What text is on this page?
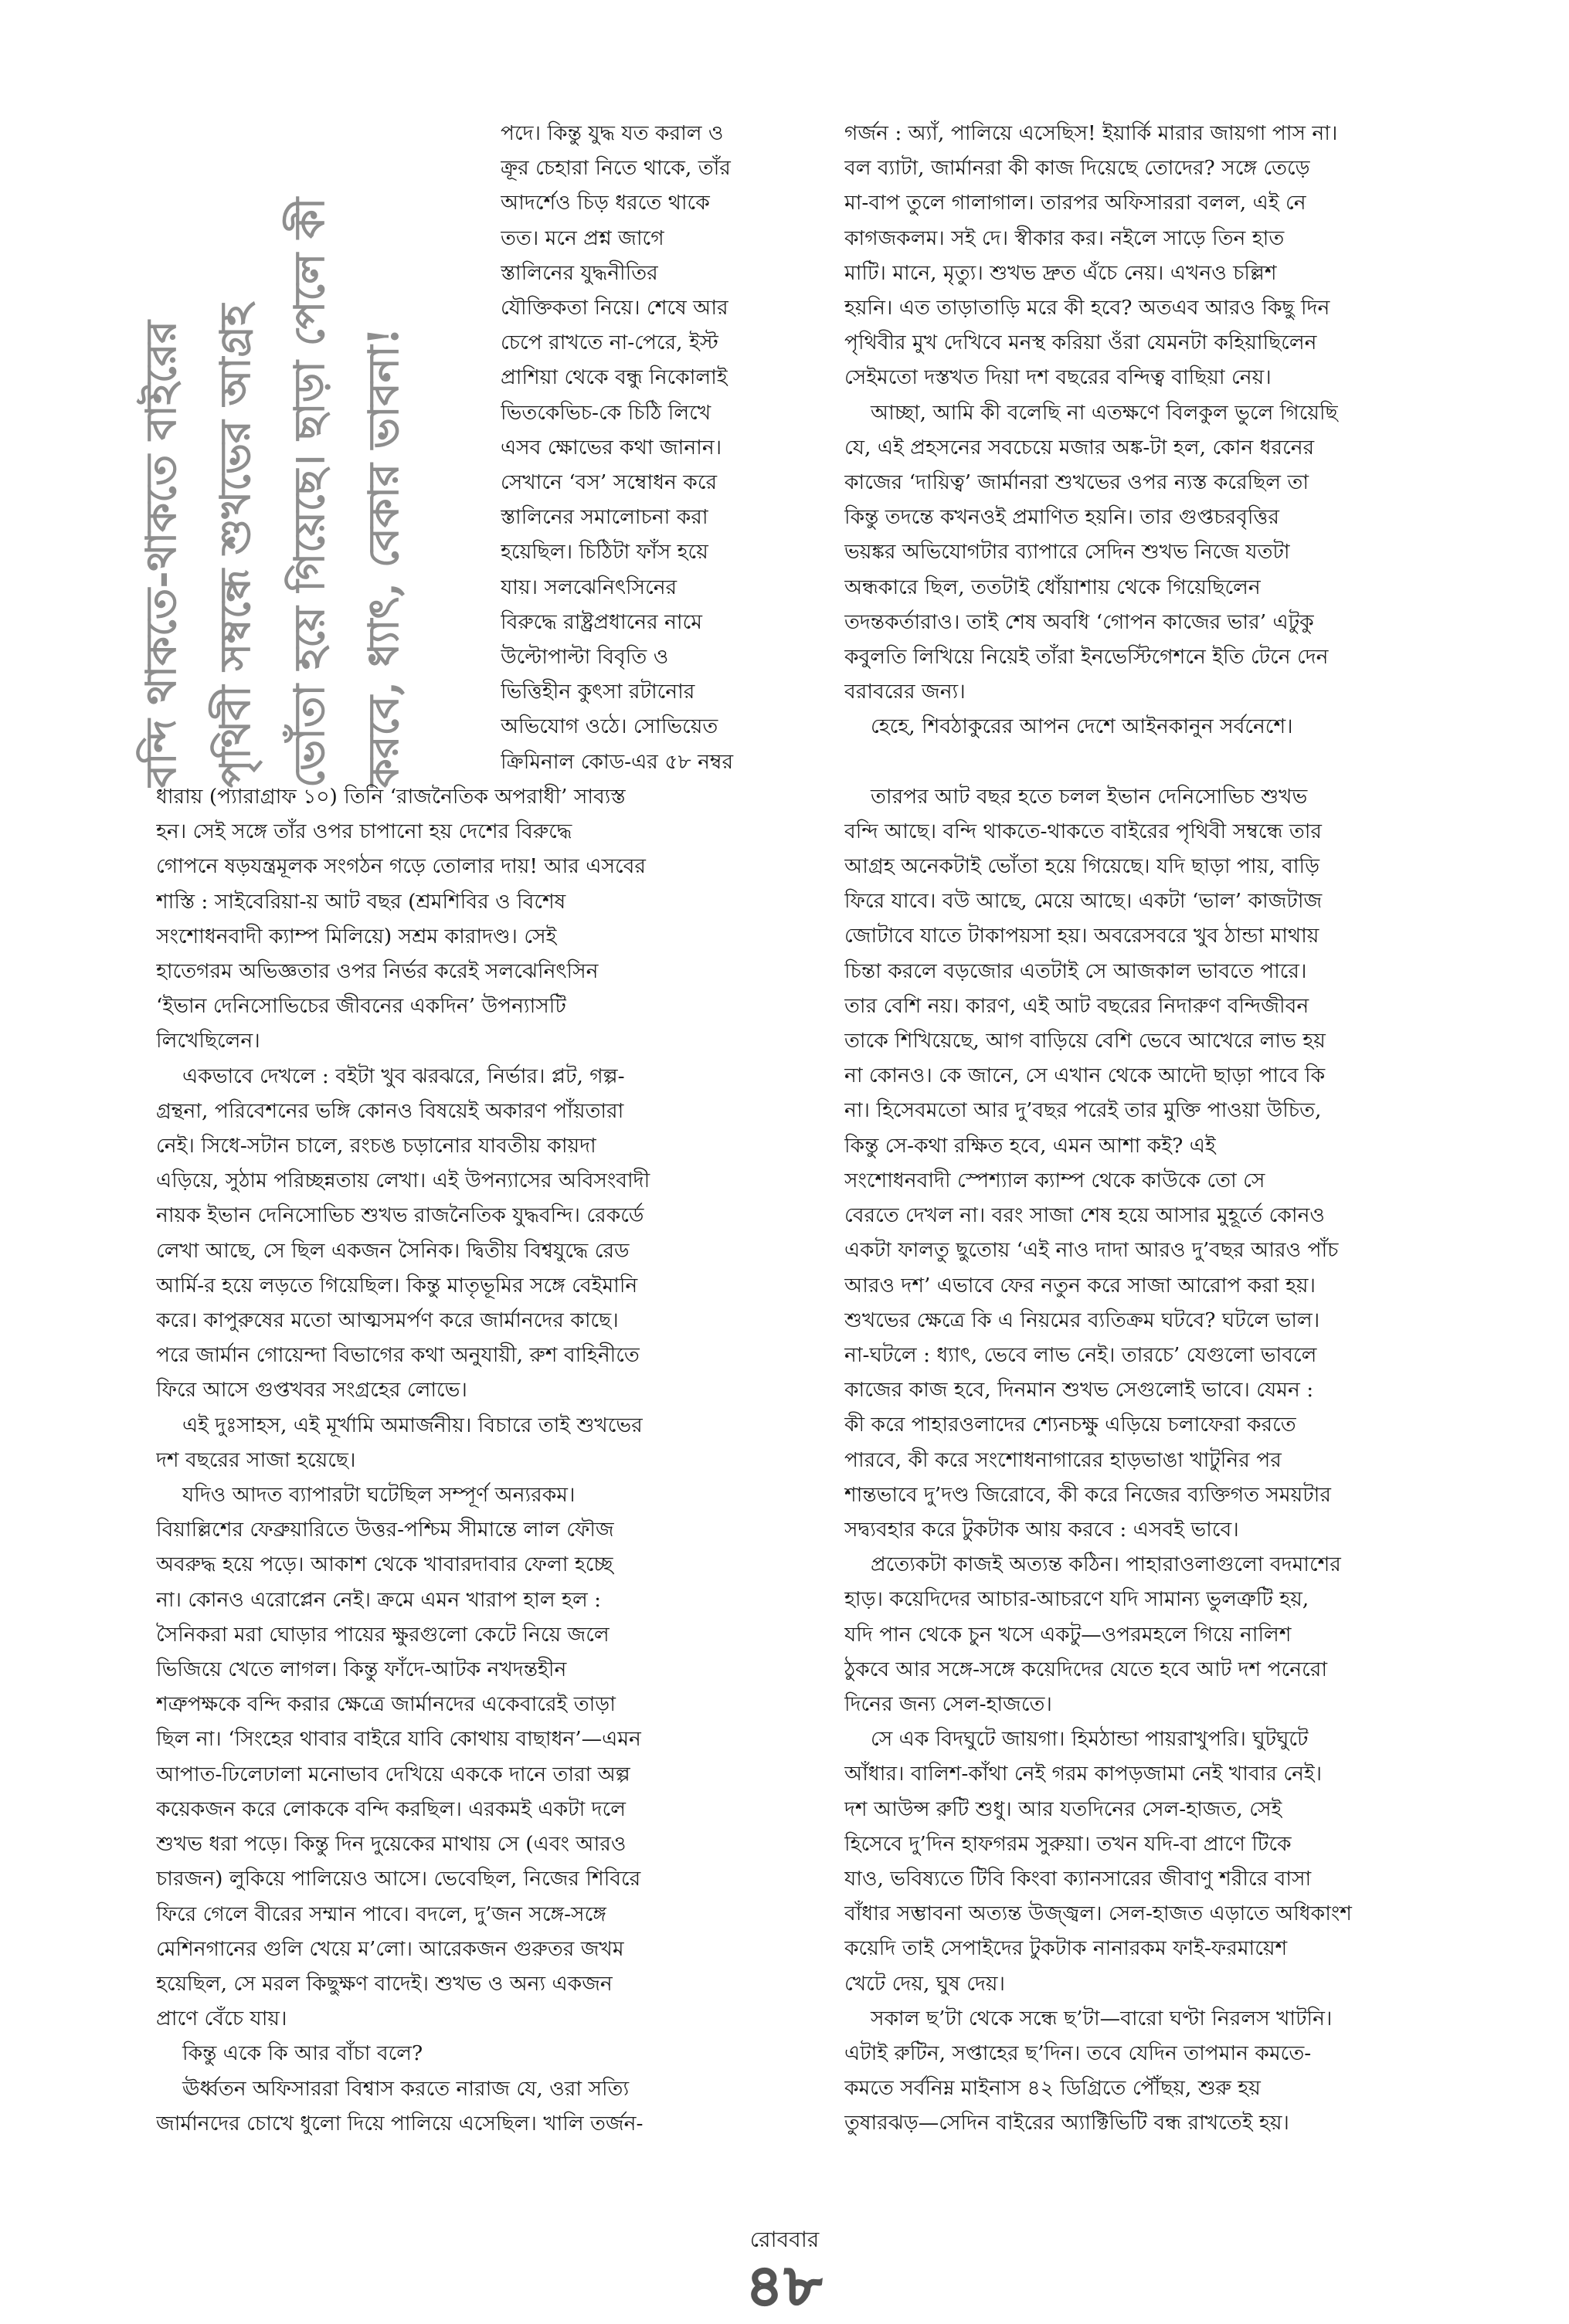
বন্দি থাকতে-থাকতে বাইরের পৃথিবী সম্বন্ধে শুখভের আগ্রহ ভোঁতা হয়ে গিয়েছে। ছাড়া পেলে কী করবে, ধ্যাৎ, বেকার ভাবনা!

পদে। কিন্তু যুদ্ধ যত করাল ও

ক্রূর চেহারা নিতে থাকে, তাঁর

আদর্শেও চিড় ধরতে থাকে

তত। মনে প্রশ্ন জাগে

স্তালিনের যুদ্ধনীতির

যৌক্তিকতা নিয়ে। শেষে আর

চেপে রাখতে না-পেরে, ইস্ট

প্রাশিয়া থেকে বন্ধু নিকোলাই

ভিতকেভিচ-কে চিঠি লিখে

এসব ক্ষোভের কথা জানান।

সেখানে ‘বস’ সম্বোধন করে

স্তালিনের সমালোচনা করা

হয়েছিল। চিঠিটা ফাঁস হয়ে

যায়। সলঝেনিৎসিনের

বিরুদ্ধে রাষ্ট্রপ্রধানের নামে

উল্টোপাল্টা বিবৃতি ও

ভিত্তিহীন কুৎসা রটানোর

অভিযোগ ওঠে। সোভিয়েত

ক্রিমিনাল কোড-এর ৫৮ নম্বর

ধারায় (প্যারাগ্রাফ ১০) তিনি ‘রাজনৈতিক অপরাধী’ সাব্যস্ত

হন। সেই সঙ্গে তাঁর ওপর চাপানো হয় দেশের বিরুদ্ধে

গোপনে ষড়যন্ত্রমূলক সংগঠন গড়ে তোলার দায়! আর এসবের

শাস্তি : সাইবেরিয়া-য় আট বছর (শ্রমশিবির ও বিশেষ

সংশোধনবাদী ক্যাম্প মিলিয়ে) সশ্রম কারাদণ্ড। সেই

হাতেগরম অভিজ্ঞতার ওপর নির্ভর করেই সলঝেনিৎসিন

‘ইভান দেনিসোভিচের জীবনের একদিন’ উপন্যাসটি

লিখেছিলেন।

একভাবে দেখলে : বইটা খুব ঝরঝরে, নির্ভার। প্লট, গল্প-

গ্রন্থনা, পরিবেশনের ভঙ্গি কোনও বিষয়েই অকারণ পাঁয়তারা

নেই। সিধে-সটান চালে, রংচঙ চড়ানোর যাবতীয় কায়দা

এড়িয়ে, সুঠাম পরিচ্ছন্নতায় লেখা। এই উপন্যাসের অবিসংবাদী

নায়ক ইভান দেনিসোভিচ শুখভ রাজনৈতিক যুদ্ধবন্দি। রেকর্ডে

লেখা আছে, সে ছিল একজন সৈনিক। দ্বিতীয় বিশ্বযুদ্ধে রেড

আর্মি-র হয়ে লড়তে গিয়েছিল। কিন্তু মাতৃভূমির সঙ্গে বেইমানি

করে। কাপুরুষের মতো আত্মসমর্পণ করে জার্মানদের কাছে।

পরে জার্মান গোয়েন্দা বিভাগের কথা অনুযায়ী, রুশ বাহিনীতে

ফিরে আসে গুপ্তখবর সংগ্রহের লোভে।

এই দুঃসাহস, এই মূর্খামি অমার্জনীয়। বিচারে তাই শুখভের

দশ বছরের সাজা হয়েছে।

যদিও আদত ব্যাপারটা ঘটেছিল সম্পূর্ণ অন্যরকম।

বিয়াল্লিশের ফেব্রুয়ারিতে উত্তর-পশ্চিম সীমান্তে লাল ফৌজ

অবরুদ্ধ হয়ে পড়ে। আকাশ থেকে খাবারদাবার ফেলা হচ্ছে

না। কোনও এরোপ্লেন নেই। ক্রমে এমন খারাপ হাল হল :

সৈনিকরা মরা ঘোড়ার পায়ের ক্ষুরগুলো কেটে নিয়ে জলে

ভিজিয়ে খেতে লাগল। কিন্তু ফাঁদে-আটক নখদন্তহীন

শত্রুপক্ষকে বন্দি করার ক্ষেত্রে জার্মানদের একেবারেই তাড়া

ছিল না। ‘সিংহের থাবার বাইরে যাবি কোথায় বাছাধন’—এমন

আপাত-ঢিলেঢালা মনোভাব দেখিয়ে এককে দানে তারা অল্প

কয়েকজন করে লোককে বন্দি করছিল। এরকমই একটা দলে

শুখভ ধরা পড়ে। কিন্তু দিন দুয়েকের মাথায় সে (এবং আরও

চারজন) লুকিয়ে পালিয়েও আসে। ভেবেছিল, নিজের শিবিরে

ফিরে গেলে বীরের সম্মান পাবে। বদলে, দু’জন সঙ্গে-সঙ্গে

মেশিনগানের গুলি খেয়ে ম’লো। আরেকজন গুরুতর জখম

হয়েছিল, সে মরল কিছুক্ষণ বাদেই। শুখভ ও অন্য একজন

প্রাণে বেঁচে যায়।

কিন্তু একে কি আর বাঁচা বলে?

ঊর্ধ্বতন অফিসাররা বিশ্বাস করতে নারাজ যে, ওরা সত্যি

জার্মানদের চোখে ধুলো দিয়ে পালিয়ে এসেছিল। খালি তর্জন-

গর্জন : অ্যাঁ, পালিয়ে এসেছিস! ইয়ার্কি মারার জায়গা পাস না।

বল ব্যাটা, জার্মানরা কী কাজ দিয়েছে তোদের? সঙ্গে তেড়ে

মা-বাপ তুলে গালাগাল। তারপর অফিসাররা বলল, এই নে

কাগজকলম। সই দে। স্বীকার কর। নইলে সাড়ে তিন হাত

মাটি। মানে, মৃত্যু। শুখভ দ্রুত এঁচে নেয়। এখনও চল্লিশ

হয়নি। এত তাড়াতাড়ি মরে কী হবে? অতএব আরও কিছু দিন

পৃথিবীর মুখ দেখিবে মনস্থ করিয়া ওঁরা যেমনটা কহিয়াছিলেন

সেইমতো দস্তখত দিয়া দশ বছরের বন্দিত্ব বাছিয়া নেয়।

আচ্ছা, আমি কী বলেছি না এতক্ষণে বিলকুল ভুলে গিয়েছি

যে, এই প্রহসনের সবচেয়ে মজার অঙ্ক-টা হল, কোন ধরনের

কাজের ‘দায়িত্ব’ জার্মানরা শুখভের ওপর ন্যস্ত করেছিল তা

কিন্তু তদন্তে কখনওই প্রমাণিত হয়নি। তার গুপ্তচরবৃত্তির

ভয়ঙ্কর অভিযোগটার ব্যাপারে সেদিন শুখভ নিজে যতটা

অন্ধকারে ছিল, ততটাই ধোঁয়াশায় থেকে গিয়েছিলেন

তদন্তকর্তারাও। তাই শেষ অবধি ‘গোপন কাজের ভার’ এটুকু

কবুলতি লিখিয়ে নিয়েই তাঁরা ইনভেস্টিগেশনে ইতি টেনে দেন

বরাবরের জন্য।

হেহে, শিবঠাকুরের আপন দেশে আইনকানুন সর্বনেশে।

তারপর আট বছর হতে চলল ইভান দেনিসোভিচ শুখভ

বন্দি আছে। বন্দি থাকতে-থাকতে বাইরের পৃথিবী সম্বন্ধে তার

আগ্রহ অনেকটাই ভোঁতা হয়ে গিয়েছে। যদি ছাড়া পায়, বাড়ি

ফিরে যাবে। বউ আছে, মেয়ে আছে। একটা ‘ভাল’ কাজটাজ

জোটাবে যাতে টাকাপয়সা হয়। অবরেসবরে খুব ঠান্ডা মাথায়

চিন্তা করলে বড়জোর এতটাই সে আজকাল ভাবতে পারে।

তার বেশি নয়। কারণ, এই আট বছরের নিদারুণ বন্দিজীবন

তাকে শিখিয়েছে, আগ বাড়িয়ে বেশি ভেবে আখেরে লাভ হয়

না কোনও। কে জানে, সে এখান থেকে আদৌ ছাড়া পাবে কি

না। হিসেবমতো আর দু’বছর পরেই তার মুক্তি পাওয়া উচিত,

কিন্তু সে-কথা রক্ষিত হবে, এমন আশা কই? এই

সংশোধনবাদী স্পেশ্যাল ক্যাম্প থেকে কাউকে তো সে

বেরতে দেখল না। বরং সাজা শেষ হয়ে আসার মুহূর্তে কোনও

একটা ফালতু ছুতোয় ‘এই নাও দাদা আরও দু’বছর আরও পাঁচ

আরও দশ’ এভাবে ফের নতুন করে সাজা আরোপ করা হয়।

শুখভের ক্ষেত্রে কি এ নিয়মের ব্যতিক্রম ঘটবে? ঘটলে ভাল।

না-ঘটলে : ধ্যাৎ, ভেবে লাভ নেই। তারচে’ যেগুলো ভাবলে

কাজের কাজ হবে, দিনমান শুখভ সেগুলোই ভাবে। যেমন :

কী করে পাহারওলাদের শ্যেনচক্ষু এড়িয়ে চলাফেরা করতে

পারবে, কী করে সংশোধনাগারের হাড়ভাঙা খাটুনির পর

শান্তভাবে দু’দণ্ড জিরোবে, কী করে নিজের ব্যক্তিগত সময়টার

সদ্ব্যবহার করে টুকটাক আয় করবে : এসবই ভাবে।

প্রত্যেকটা কাজই অত্যন্ত কঠিন। পাহারাওলাগুলো বদমাশের

হাড়। কয়েদিদের আচার-আচরণে যদি সামান্য ভুলত্রুটি হয়,

যদি পান থেকে চুন খসে একটু—ওপরমহলে গিয়ে নালিশ

ঠুকবে আর সঙ্গে-সঙ্গে কয়েদিদের যেতে হবে আট দশ পনেরো

দিনের জন্য সেল-হাজতে।

সে এক বিদঘুটে জায়গা। হিমঠান্ডা পায়রাখুপরি। ঘুটঘুটে

আঁধার। বালিশ-কাঁথা নেই গরম কাপড়জামা নেই খাবার নেই।

দশ আউন্স রুটি শুধু। আর যতদিনের সেল-হাজত, সেই

হিসেবে দু’দিন হাফগরম সুরুয়া। তখন যদি-বা প্রাণে টিকে

যাও, ভবিষ্যতে টিবি কিংবা ক্যানসারের জীবাণু শরীরে বাসা

বাঁধার সম্ভাবনা অত্যন্ত উজ্জ্বল। সেল-হাজত এড়াতে অধিকাংশ

কয়েদি তাই সেপাইদের টুকটাক নানারকম ফাই-ফরমায়েশ

খেটে দেয়, ঘুষ দেয়।

সকাল ছ’টা থেকে সন্ধে ছ’টা—বারো ঘণ্টা নিরলস খাটনি।

এটাই রুটিন, সপ্তাহের ছ’দিন। তবে যেদিন তাপমান কমতে-

কমতে সর্বনিম্ন মাইনাস ৪২ ডিগ্রিতে পৌঁছয়, শুরু হয়

তুষারঝড়—সেদিন বাইরের অ্যাক্টিভিটি বন্ধ রাখতেই হয়।

রোববার
৪৮
